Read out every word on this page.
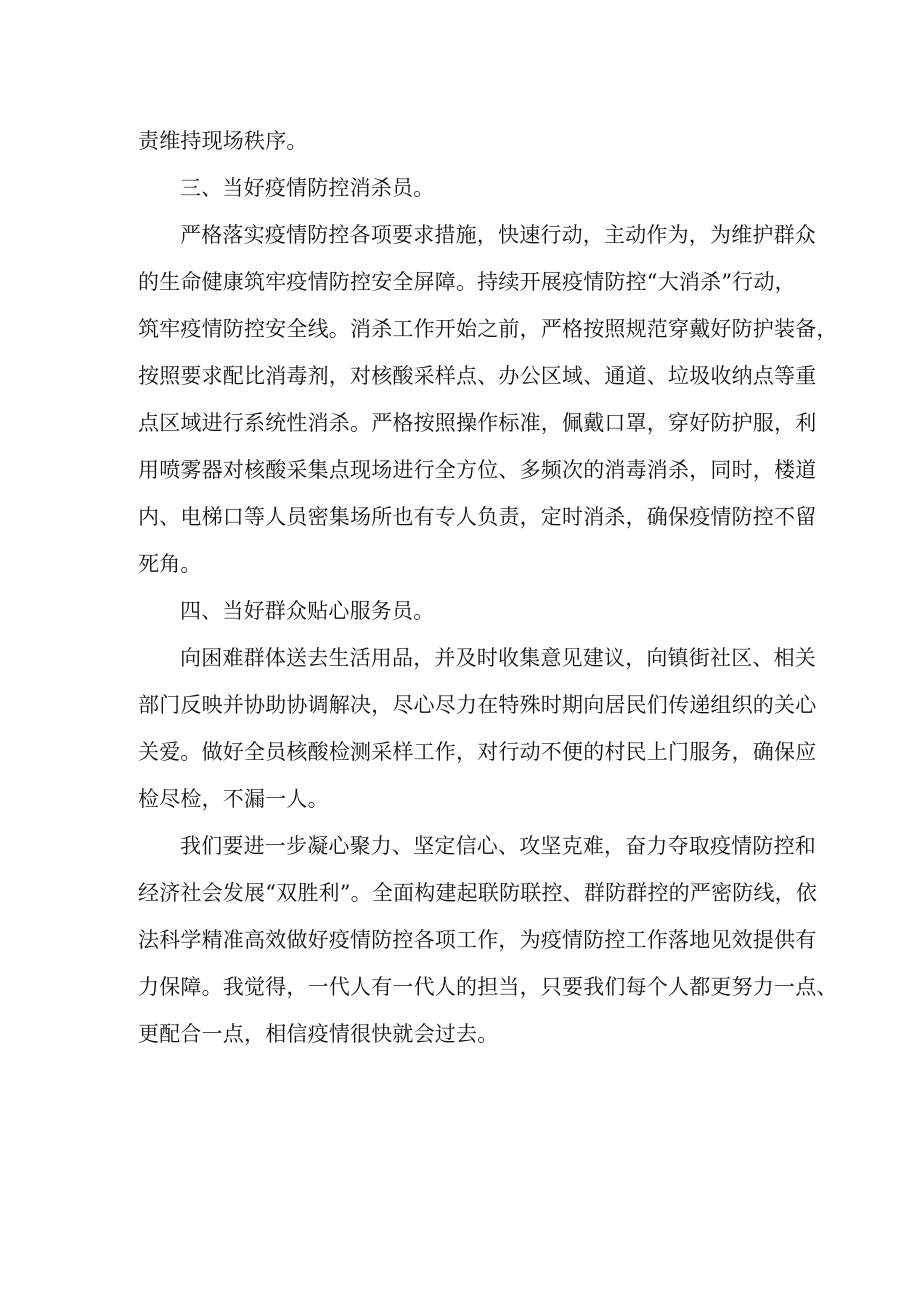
责维持现场秩序。
三、当好疫情防控消杀员。
严格落实疫情防控各项要求措施，快速行动，主动作为，为维护群众
的生命健康筑牢疫情防控安全屏障。持续开展疫情防控“大消杀”行动，
筑牢疫情防控安全线。消杀工作开始之前，严格按照规范穿戴好防护装备，
按照要求配比消毒剂，对核酸采样点、办公区域、通道、垃圾收纳点等重
点区域进行系统性消杀。严格按照操作标准，佩戴口罩，穿好防护服，利
用喷雾器对核酸采集点现场进行全方位、多频次的消毒消杀，同时，楼道
内、电梯口等人员密集场所也有专人负责，定时消杀，确保疫情防控不留
死角。
四、当好群众贴心服务员。
向困难群体送去生活用品，并及时收集意见建议，向镇街社区、相关
部门反映并协助协调解决，尽心尽力在特殊时期向居民们传递组织的关心
关爱。做好全员核酸检测采样工作，对行动不便的村民上门服务，确保应
检尽检，不漏一人。
我们要进一步凝心聚力、坚定信心、攻坚克难，奋力夺取疫情防控和
经济社会发展“双胜利”。全面构建起联防联控、群防群控的严密防线，依
法科学精准高效做好疫情防控各项工作，为疫情防控工作落地见效提供有
力保障。我觉得，一代人有一代人的担当，只要我们每个人都更努力一点、
更配合一点，相信疫情很快就会过去。
